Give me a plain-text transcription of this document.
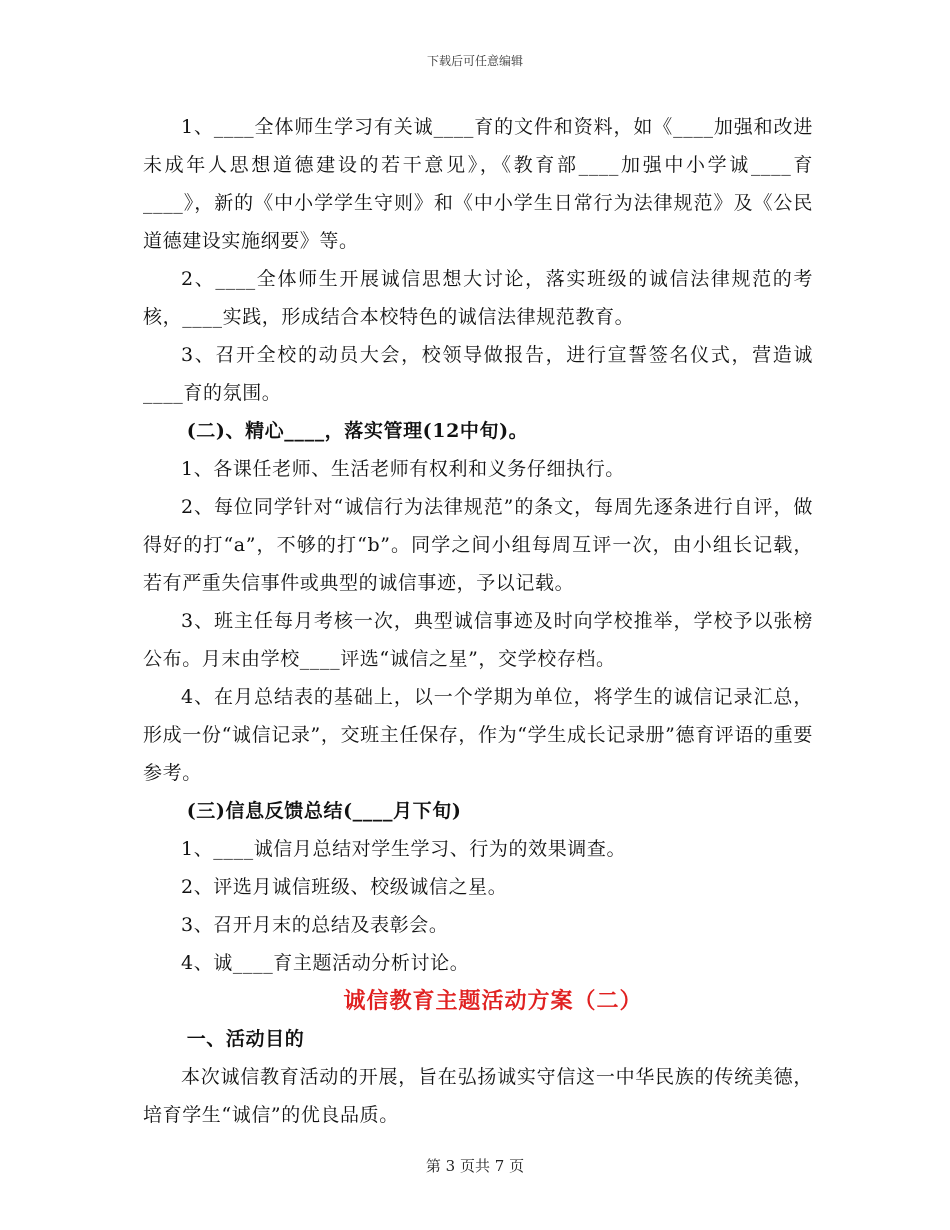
下载后可任意编辑

1、____全体师生学习有关诚____育的文件和资料，如《____加强和改进未成年人思想道德建设的若干意见》，《教育部____加强中小学诚____育____》，新的《中小学学生守则》和《中小学生日常行为法律规范》及《公民道德建设实施纲要》等。

2、____全体师生开展诚信思想大讨论，落实班级的诚信法律规范的考核，____实践，形成结合本校特色的诚信法律规范教育。

3、召开全校的动员大会，校领导做报告，进行宣誓签名仪式，营造诚____育的氛围。

(二)、精心____，落实管理(12中旬)。

1、各课任老师、生活老师有权利和义务仔细执行。

2、每位同学针对“诚信行为法律规范”的条文，每周先逐条进行自评，做得好的打“a”，不够的打“b”。同学之间小组每周互评一次，由小组长记载，若有严重失信事件或典型的诚信事迹，予以记载。

3、班主任每月考核一次，典型诚信事迹及时向学校推举，学校予以张榜公布。月末由学校____评选“诚信之星”，交学校存档。

4、在月总结表的基础上，以一个学期为单位，将学生的诚信记录汇总，形成一份“诚信记录”，交班主任保存，作为“学生成长记录册”德育评语的重要参考。

(三)信息反馈总结(____月下旬)

1、____诚信月总结对学生学习、行为的效果调查。

2、评选月诚信班级、校级诚信之星。

3、召开月末的总结及表彰会。

4、诚____育主题活动分析讨论。

诚信教育主题活动方案（二）

一、活动目的

本次诚信教育活动的开展，旨在弘扬诚实守信这一中华民族的传统美德，培育学生“诚信”的优良品质。

第 3 页共 7 页
